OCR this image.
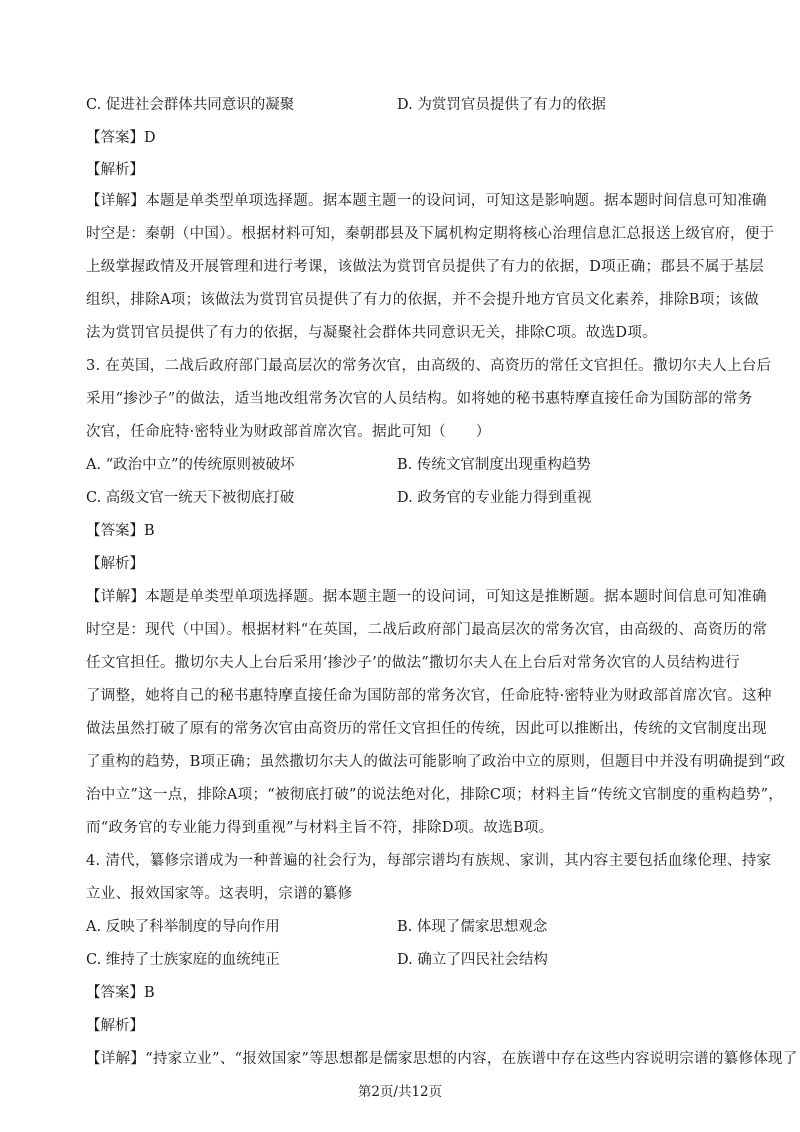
C. 促进社会群体共同意识的凝聚	D. 为赏罚官员提供了有力的依据
【答案】D
【解析】
【详解】本题是单类型单项选择题。据本题主题一的设问词，可知这是影响题。据本题时间信息可知准确
时空是：秦朝（中国）。根据材料可知，秦朝郡县及下属机构定期将核心治理信息汇总报送上级官府，便于
上级掌握政情及开展管理和进行考课，该做法为赏罚官员提供了有力的依据，D项正确；郡县不属于基层
组织，排除A项；该做法为赏罚官员提供了有力的依据，并不会提升地方官员文化素养，排除B项；该做
法为赏罚官员提供了有力的依据，与凝聚社会群体共同意识无关，排除C项。故选D项。
3. 在英国，二战后政府部门最高层次的常务次官，由高级的、高资历的常任文官担任。撒切尔夫人上台后
采用“掺沙子”的做法，适当地改组常务次官的人员结构。如将她的秘书惠特摩直接任命为国防部的常务
次官，任命庇特·密特业为财政部首席次官。据此可知（　　）
A. “政治中立”的传统原则被破坏	B. 传统文官制度出现重构趋势
C. 高级文官一统天下被彻底打破	D. 政务官的专业能力得到重视
【答案】B
【解析】
【详解】本题是单类型单项选择题。据本题主题一的设问词，可知这是推断题。据本题时间信息可知准确
时空是：现代（中国）。根据材料“在英国，二战后政府部门最高层次的常务次官，由高级的、高资历的常
任文官担任。撒切尔夫人上台后采用‘掺沙子’的做法”撒切尔夫人在上台后对常务次官的人员结构进行
了调整，她将自己的秘书惠特摩直接任命为国防部的常务次官，任命庇特·密特业为财政部首席次官。这种
做法虽然打破了原有的常务次官由高资历的常任文官担任的传统，因此可以推断出，传统的文官制度出现
了重构的趋势，B项正确；虽然撒切尔夫人的做法可能影响了政治中立的原则，但题目中并没有明确提到“政
治中立”这一点，排除A项；“被彻底打破”的说法绝对化，排除C项；材料主旨“传统文官制度的重构趋势”，
而“政务官的专业能力得到重视”与材料主旨不符，排除D项。故选B项。
4. 清代，纂修宗谱成为一种普遍的社会行为，每部宗谱均有族规、家训，其内容主要包括血缘伦理、持家
立业、报效国家等。这表明，宗谱的纂修
A. 反映了科举制度的导向作用	B. 体现了儒家思想观念
C. 维持了士族家庭的血统纯正	D. 确立了四民社会结构
【答案】B
【解析】
【详解】“持家立业”、“报效国家”等思想都是儒家思想的内容，在族谱中存在这些内容说明宗谱的纂修体现了
第2页/共12页
